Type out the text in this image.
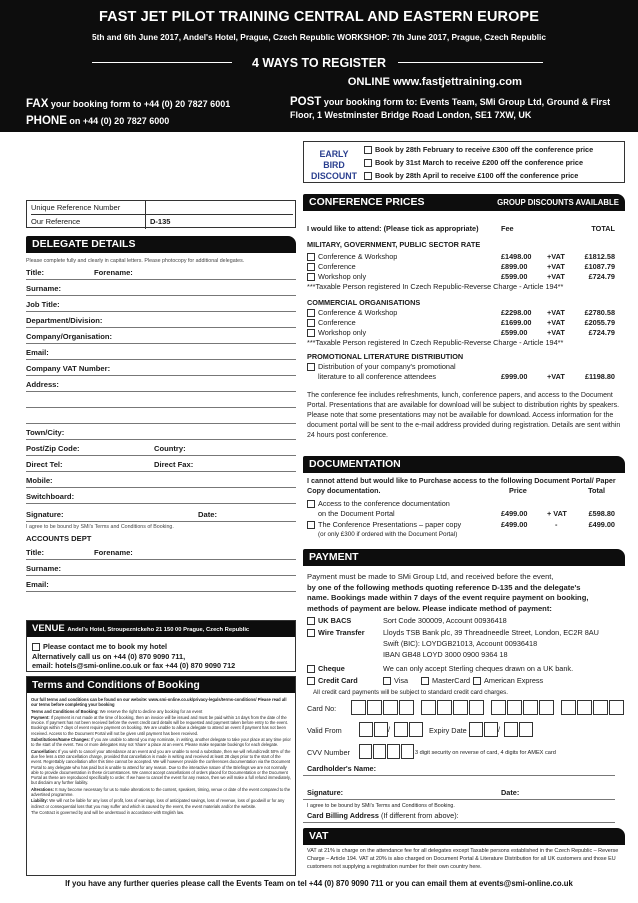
FAST JET PILOT TRAINING CENTRAL AND EASTERN EUROPE
5th and 6th June 2017, Andel's Hotel, Prague, Czech Republic WORKSHOP: 7th June 2017, Prague, Czech Republic
4 WAYS TO REGISTER
ONLINE www.fastjettraining.com
FAX your booking form to +44 (0) 20 7827 6001
PHONE on +44 (0) 20 7827 6000
POST your booking form to: Events Team, SMi Group Ltd, Ground & First Floor, 1 Westminster Bridge Road London, SE1 7XW, UK
EARLY BIRD
DISCOUNT
Book by 28th February to receive £300 off the conference price
Book by 31st March to receive £200 off the conference price
Book by 28th April to receive £100 off the conference price
Unique Reference Number
Our Reference	D-135
DELEGATE DETAILS
Please complete fully and clearly in capital letters. Please photocopy for additional delegates.
Title:	Forename:
Surname:
Job Title:
Department/Division:
Company/Organisation:
Email:
Company VAT Number:
Address:
Town/City:
Post/Zip Code:	Country:
Direct Tel:	Direct Fax:
Mobile:
Switchboard:
Signature:	Date:
I agree to be bound by SMi's Terms and Conditions of Booking.
ACCOUNTS DEPT
Title:	Forename:
Surname:
Email:
VENUE Andel's Hotel, Stroupeznickeho 21 150 00 Prague, Czech Republic
Please contact me to book my hotel
Alternatively call us on +44 (0) 870 9090 711,
email: hotels@smi-online.co.uk or fax +44 (0) 870 9090 712
Terms and Conditions of Booking

Our full terms and conditions can be found on our website: www.smi-online.co.uk/privacy-legals/terms-conditions/ Please read all our terms before completing your booking

Terms and Conditions of Booking: We reserve the right to decline any booking for an event

Payment: If payment is not made at the time of booking, then an invoice will be issued and must be paid within 14 days from the date of the invoice. If payment has not been received before the event credit card details will be requested and payment taken before entry to the event. Bookings within 7 days of event require payment on booking. We are unable to allow a delegate to attend an event if payment has not been received. Access to the Document Portal will not be given until payment has been received.

Substitutions/Name Changes: If you are unable to attend you may nominate, in writing, another delegate to take your place at any time prior to the start of the event. Two or more delegates may not 'share' a place at an event. Please make separate bookings for each delegate.

Cancellation: If you wish to cancel your attendance at an event and you are unable to send a substitute, then we will refund/credit 50% of the due fee less a £50 cancellation charge, provided that cancellation is made in writing and received at least 28 days prior to the start of the event. Regrettably cancellation after this time cannot be accepted. We will however provide the conferences documentation via the Document Portal to any delegate who has paid but is unable to attend for any reason. Due to the interactive nature of the Briefings we are not normally able to provide documentation in these circumstances. We cannot accept cancellations of orders placed for Documentation or the Document Portal as these are reproduced specifically to order. If we have to cancel the event for any reason, then we will make a full refund immediately, but disclaim any further liability.

Alterations: It may become necessary for us to make alterations to the content, speakers, timing, venue or date of the event compared to the advertised programme.

Liability: We will not be liable for any loss of profit, loss of earnings, loss of anticipated savings, loss of revenue, loss of goodwill or for any indirect or consequential loss that you may suffer and which is caused by the event, the event materials and/or the website.

The Contract is governed by and will be understood in accordance with English law.

CONFERENCE PRICES	GROUP DISCOUNTS AVAILABLE
I would like to attend: (Please tick as appropriate)	Fee	TOTAL
MILITARY, GOVERNMENT, PUBLIC SECTOR RATE
Conference & Workshop	£1498.00 +VAT	£1812.58
Conference	£899.00	+VAT	£1087.79
Workshop only	£599.00	+VAT	£724.79
***Taxable Person registered In Czech Republic-Reverse Charge - Article 194**
COMMERCIAL ORGANISATIONS
Conference & Workshop	£2298.00 +VAT	£2780.58
Conference	£1699.00 +VAT	£2055.79
Workshop only	£599.00	+VAT	£724.79
***Taxable Person registered In Czech Republic-Reverse Charge - Article 194**
PROMOTIONAL LITERATURE DISTRIBUTION
Distribution of your company's promotional
literature to all conference attendees	£999.00	+VAT	£1198.80
The conference fee includes refreshments, lunch, conference papers, and access to the Document Portal. Presentations that are available for download will be subject to distribution rights by speakers. Please note that some presentations may not be available for download. Access information for the document portal will be sent to the e-mail address provided during registration. Details are sent within 24 hours post conference.
DOCUMENTATION
I cannot attend but would like to Purchase access to the following Document Portal/ Paper Copy documentation.	Price	Total
Access to the conference documentation
on the Document Portal	£499.00	+ VAT	£598.80
The Conference Presentations – paper copy	£499.00	-	£499.00
(or only £300 if ordered with the Document Portal)
PAYMENT
Payment must be made to SMi Group Ltd, and received before the event,
by one of the following methods quoting reference D-135 and the delegate's
name. Bookings made within 7 days of the event require payment on booking,
methods of payment are below. Please indicate method of payment:
UK BACS	Sort Code 300009, Account 00936418
Wire Transfer	Lloyds TSB Bank plc, 39 Threadneedle Street, London, EC2R 8AU
Swift (BIC): LOYDGB21013, Account 00936418
IBAN GB48 LOYD 3000 0900 9364 18
Cheque	We can only accept Sterling cheques drawn on a UK bank.
Credit Card	Visa	MasterCard	American Express
All credit card payments will be subject to standard credit card charges.
Card No:
Valid From	/	Expiry Date	/
CVV Number	3 digit security on reverse of card, 4 digits for AMEX card
Cardholder's Name:
Signature:	Date:
I agree to be bound by SMi's Terms and Conditions of Booking.
Card Billing Address (If different from above):
VAT
VAT at 21% is charge on the attendance fee for all delegates except Taxable persons established in the Czech Republic – Reverse Charge – Article 194. VAT at 20% is also charged on Document Portal & Literature Distribution for all UK customers and those EU customers not supplying a registration number for their own country here.
If you have any further queries please call the Events Team on tel +44 (0) 870 9090 711 or you can email them at events@smi-online.co.uk
